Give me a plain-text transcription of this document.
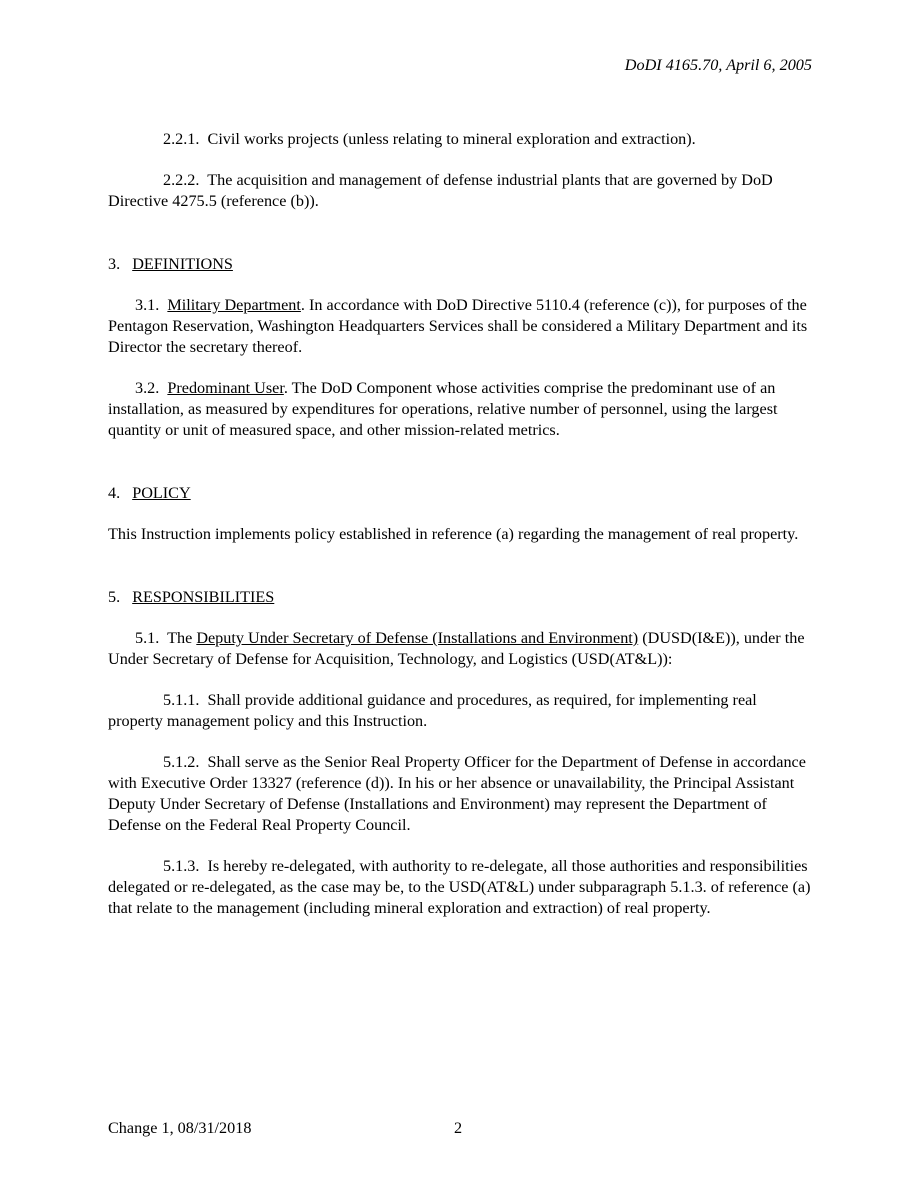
DoDI 4165.70, April 6, 2005

2.2.1. Civil works projects (unless relating to mineral exploration and extraction).

2.2.2. The acquisition and management of defense industrial plants that are governed by DoD Directive 4275.5 (reference (b)).

3. DEFINITIONS

3.1. Military Department. In accordance with DoD Directive 5110.4 (reference (c)), for purposes of the Pentagon Reservation, Washington Headquarters Services shall be considered a Military Department and its Director the secretary thereof.

3.2. Predominant User. The DoD Component whose activities comprise the predominant use of an installation, as measured by expenditures for operations, relative number of personnel, using the largest quantity or unit of measured space, and other mission-related metrics.

4. POLICY

This Instruction implements policy established in reference (a) regarding the management of real property.

5. RESPONSIBILITIES

5.1. The Deputy Under Secretary of Defense (Installations and Environment) (DUSD(I&E)), under the Under Secretary of Defense for Acquisition, Technology, and Logistics (USD(AT&L)):

5.1.1. Shall provide additional guidance and procedures, as required, for implementing real property management policy and this Instruction.

5.1.2. Shall serve as the Senior Real Property Officer for the Department of Defense in accordance with Executive Order 13327 (reference (d)). In his or her absence or unavailability, the Principal Assistant Deputy Under Secretary of Defense (Installations and Environment) may represent the Department of Defense on the Federal Real Property Council.

5.1.3. Is hereby re-delegated, with authority to re-delegate, all those authorities and responsibilities delegated or re-delegated, as the case may be, to the USD(AT&L) under subparagraph 5.1.3. of reference (a) that relate to the management (including mineral exploration and extraction) of real property.

Change 1, 08/31/2018	2
